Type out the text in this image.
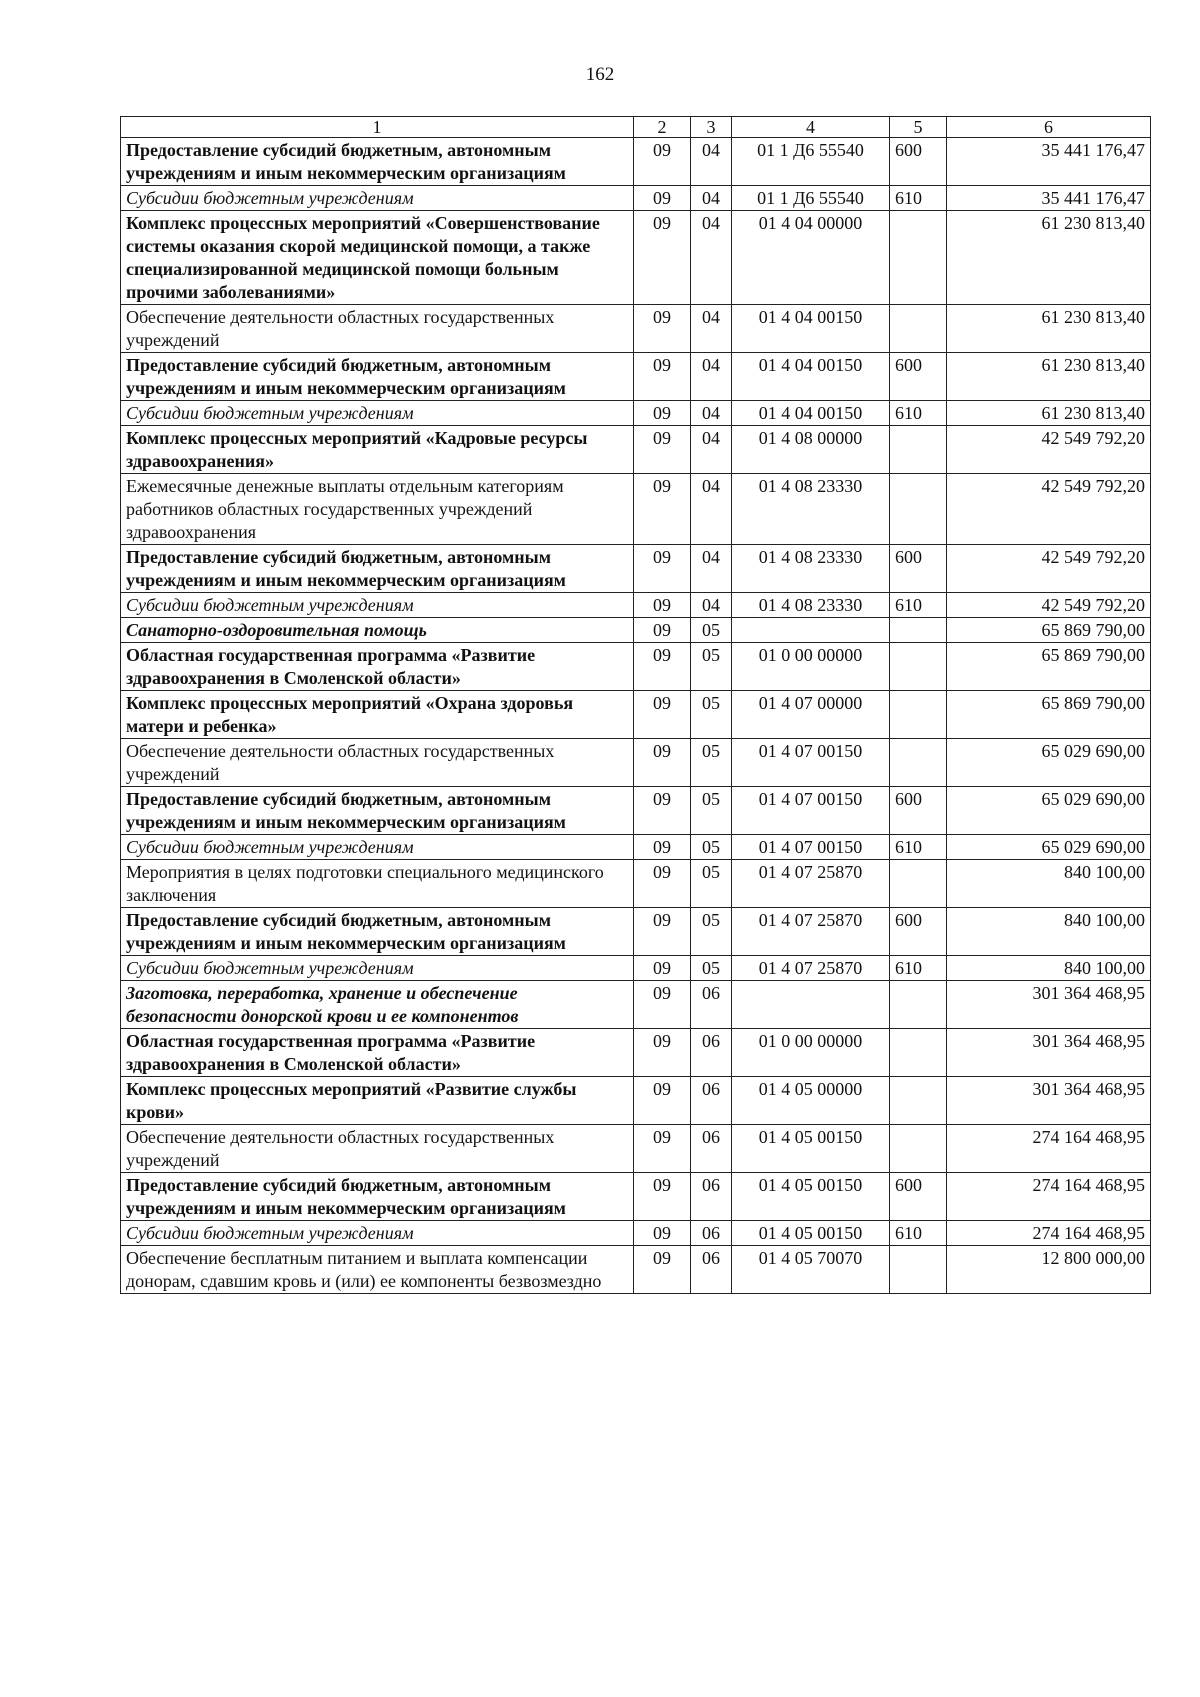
162
1	2	3	4	5	6
Предоставление субсидий бюджетным, автономным учреждениям и иным некоммерческим организациям	09	04	01 1 Д6 55540	600	35 441 176,47
Субсидии бюджетным учреждениям	09	04	01 1 Д6 55540	610	35 441 176,47
Комплекс процессных мероприятий «Совершенствование системы оказания скорой медицинской помощи, а также специализированной медицинской помощи больным прочими заболеваниями»	09	04	01 4 04 00000		61 230 813,40
Обеспечение деятельности областных государственных учреждений	09	04	01 4 04 00150		61 230 813,40
Предоставление субсидий бюджетным, автономным учреждениям и иным некоммерческим организациям	09	04	01 4 04 00150	600	61 230 813,40
Субсидии бюджетным учреждениям	09	04	01 4 04 00150	610	61 230 813,40
Комплекс процессных мероприятий «Кадровые ресурсы здравоохранения»	09	04	01 4 08 00000		42 549 792,20
Ежемесячные денежные выплаты отдельным категориям работников областных государственных учреждений здравоохранения	09	04	01 4 08 23330		42 549 792,20
Предоставление субсидий бюджетным, автономным учреждениям и иным некоммерческим организациям	09	04	01 4 08 23330	600	42 549 792,20
Субсидии бюджетным учреждениям	09	04	01 4 08 23330	610	42 549 792,20
Санаторно-оздоровительная помощь	09	05			65 869 790,00
Областная государственная программа «Развитие здравоохранения в Смоленской области»	09	05	01 0 00 00000		65 869 790,00
Комплекс процессных мероприятий «Охрана здоровья матери и ребенка»	09	05	01 4 07 00000		65 869 790,00
Обеспечение деятельности областных государственных учреждений	09	05	01 4 07 00150		65 029 690,00
Предоставление субсидий бюджетным, автономным учреждениям и иным некоммерческим организациям	09	05	01 4 07 00150	600	65 029 690,00
Субсидии бюджетным учреждениям	09	05	01 4 07 00150	610	65 029 690,00
Мероприятия в целях подготовки специального медицинского заключения	09	05	01 4 07 25870		840 100,00
Предоставление субсидий бюджетным, автономным учреждениям и иным некоммерческим организациям	09	05	01 4 07 25870	600	840 100,00
Субсидии бюджетным учреждениям	09	05	01 4 07 25870	610	840 100,00
Заготовка, переработка, хранение и обеспечение безопасности донорской крови и ее компонентов	09	06			301 364 468,95
Областная государственная программа «Развитие здравоохранения в Смоленской области»	09	06	01 0 00 00000		301 364 468,95
Комплекс процессных мероприятий «Развитие службы крови»	09	06	01 4 05 00000		301 364 468,95
Обеспечение деятельности областных государственных учреждений	09	06	01 4 05 00150		274 164 468,95
Предоставление субсидий бюджетным, автономным учреждениям и иным некоммерческим организациям	09	06	01 4 05 00150	600	274 164 468,95
Субсидии бюджетным учреждениям	09	06	01 4 05 00150	610	274 164 468,95
Обеспечение бесплатным питанием и выплата компенсации донорам, сдавшим кровь и (или) ее компоненты безвозмездно	09	06	01 4 05 70070		12 800 000,00
